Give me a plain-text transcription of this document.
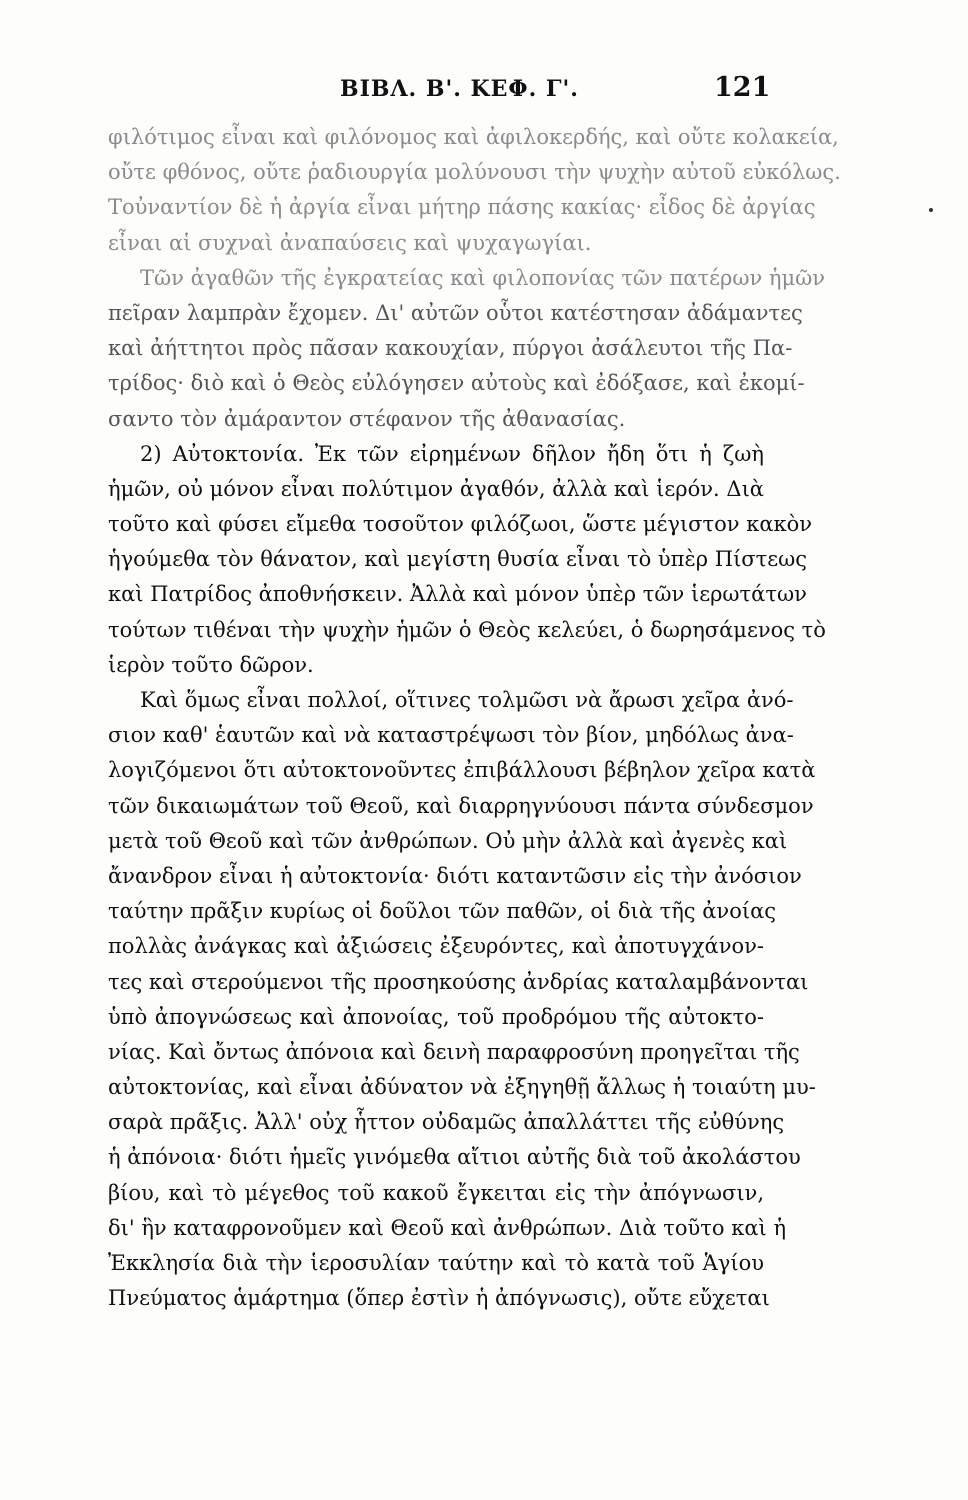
ΒΙΒΛ. Β'. ΚΕΦ. Γ'.	121
φιλότιμος εἶναι καὶ φιλόνομος καὶ ἀφιλοκερδής, καὶ οὔτε κολακεία,
οὔτε φθόνος, οὔτε ῥαδιουργία μολύνουσι τὴν ψυχὴν αὐτοῦ εὐκόλως.
Τοὐναντίον δὲ ἡ ἀργία εἶναι μήτηρ πάσης κακίας· εἶδος δὲ ἀργίας
εἶναι αἱ συχναὶ ἀναπαύσεις καὶ ψυχαγωγίαι.
Τῶν ἀγαθῶν τῆς ἐγκρατείας καὶ φιλοπονίας τῶν πατέρων ἡμῶν
πεῖραν λαμπρὰν ἔχομεν. Δι' αὐτῶν οὗτοι κατέστησαν ἀδάμαντες
καὶ ἀήττητοι πρὸς πᾶσαν κακουχίαν, πύργοι ἀσάλευτοι τῆς Πα-
τρίδος· διὸ καὶ ὁ Θεὸς εὐλόγησεν αὐτοὺς καὶ ἐδόξασε, καὶ ἐκομί-
σαντο τὸν ἀμάραντον στέφανον τῆς ἀθανασίας.
2) Αὐτοκτονία. Ἐκ τῶν εἰρημένων δῆλον ἤδη ὅτι ἡ ζωὴ
ἡμῶν, οὐ μόνον εἶναι πολύτιμον ἀγαθόν, ἀλλὰ καὶ ἱερόν. Διὰ
τοῦτο καὶ φύσει εἴμεθα τοσοῦτον φιλόζωοι, ὥστε μέγιστον κακὸν
ἡγούμεθα τὸν θάνατον, καὶ μεγίστη θυσία εἶναι τὸ ὑπὲρ Πίστεως
καὶ Πατρίδος ἀποθνήσκειν. Ἀλλὰ καὶ μόνον ὑπὲρ τῶν ἱερωτάτων
τούτων τιθέναι τὴν ψυχὴν ἡμῶν ὁ Θεὸς κελεύει, ὁ δωρησάμενος τὸ
ἱερὸν τοῦτο δῶρον.
Καὶ ὅμως εἶναι πολλοί, οἵτινες τολμῶσι νὰ ἄρωσι χεῖρα ἀνό-
σιον καθ' ἑαυτῶν καὶ νὰ καταστρέψωσι τὸν βίον, μηδόλως ἀνα-
λογιζόμενοι ὅτι αὐτοκτονοῦντες ἐπιβάλλουσι βέβηλον χεῖρα κατὰ
τῶν δικαιωμάτων τοῦ Θεοῦ, καὶ διαρρηγνύουσι πάντα σύνδεσμον
μετὰ τοῦ Θεοῦ καὶ τῶν ἀνθρώπων. Οὐ μὴν ἀλλὰ καὶ ἀγενὲς καὶ
ἄνανδρον εἶναι ἡ αὐτοκτονία· διότι καταντῶσιν εἰς τὴν ἀνόσιον
ταύτην πρᾶξιν κυρίως οἱ δοῦλοι τῶν παθῶν, οἱ διὰ τῆς ἀνοίας
πολλὰς ἀνάγκας καὶ ἀξιώσεις ἐξευρόντες, καὶ ἀποτυγχάνον-
τες καὶ στερούμενοι τῆς προσηκούσης ἀνδρίας καταλαμβάνονται
ὑπὸ ἀπογνώσεως καὶ ἀπονοίας, τοῦ προδρόμου τῆς αὐτοκτο-
νίας. Καὶ ὄντως ἀπόνοια καὶ δεινὴ παραφροσύνη προηγεῖται τῆς
αὐτοκτονίας, καὶ εἶναι ἀδύνατον νὰ ἐξηγηθῇ ἄλλως ἡ τοιαύτη μυ-
σαρὰ πρᾶξις. Ἀλλ' οὐχ ἧττον οὐδαμῶς ἀπαλλάττει τῆς εὐθύνης
ἡ ἀπόνοια· διότι ἡμεῖς γινόμεθα αἴτιοι αὐτῆς διὰ τοῦ ἀκολάστου
βίου, καὶ τὸ μέγεθος τοῦ κακοῦ ἔγκειται εἰς τὴν ἀπόγνωσιν,
δι' ἣν καταφρονοῦμεν καὶ Θεοῦ καὶ ἀνθρώπων. Διὰ τοῦτο καὶ ἡ
Ἐκκλησία διὰ τὴν ἱεροσυλίαν ταύτην καὶ τὸ κατὰ τοῦ Ἁγίου
Πνεύματος ἁμάρτημα (ὅπερ ἐστὶν ἡ ἀπόγνωσις), οὔτε εὔχεται
